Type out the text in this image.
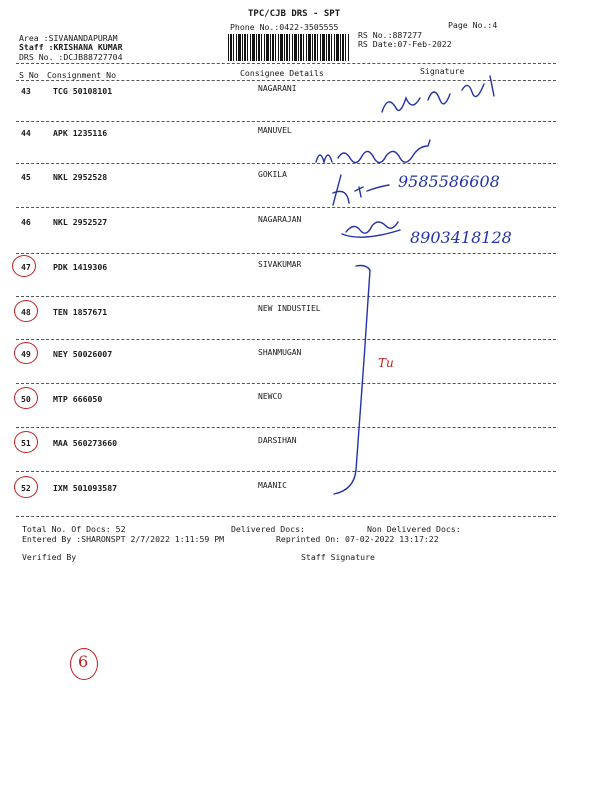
TPC/CJB DRS - SPT
Phone No.:0422-3505555	Page No.:4
Area :SIVANANDAPURAM
Staff :KRISHANA KUMAR
DRS No. :DCJB88727704
RS No.:887277
RS Date:07-Feb-2022
S No Consignment No	Consignee Details	Signature
43	TCG 50108101	NAGARANI
44	APK 1235116	MANUVEL
45	NKL 2952528	GOKILA
46	NKL 2952527	NAGARAJAN
47	PDK 1419306	SIVAKUMAR
48	TEN 1857671	NEW INDUSTIEL
49	NEY 50026007	SHANMUGAN
50	MTP 666050	NEWCO
51	MAA 560273660	DARSIHAN
52	IXM 501093587	MAANIC
9585586608
8903418128
Tu
Total No. Of Docs: 52	Delivered Docs:	Non Delivered Docs:
Entered By :SHARONSPT 2/7/2022 1:11:59 PM	Reprinted On: 07-02-2022 13:17:22
Verified By	Staff Signature
6
